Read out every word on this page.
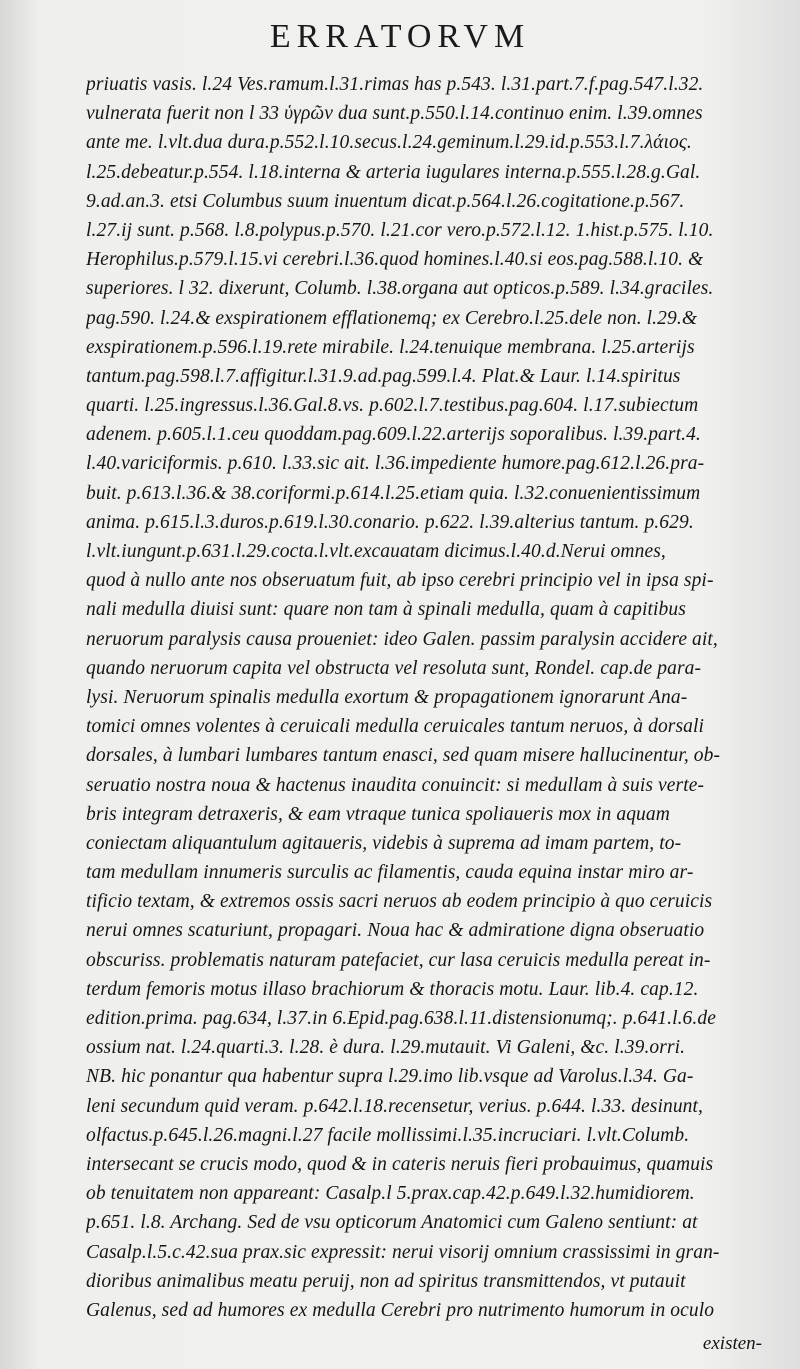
ERRATORVM
priuatis vasis. l.24 Ves.ramum.l.31.rimas has p.543. l.31.part.7.f.pag.547.l.32.
vulnerata fuerit non l 33 ὑγρῶν dua sunt.p.550.l.14.continuo enim. l.39.omnes
ante me. l.vlt.dua dura.p.552.l.10.secus.l.24.geminum.l.29.id.p.553.l.7.λάιος.
l.25.debeatur.p.554. l.18.interna & arteria iugulares interna.p.555.l.28.g.Gal.
9.ad.an.3. etsi Columbus suum inuentum dicat.p.564.l.26.cogitatione.p.567.
l.27.ij sunt. p.568. l.8.polypus.p.570. l.21.cor vero.p.572.l.12. 1.hist.p.575. l.10.
Herophilus.p.579.l.15.vi cerebri.l.36.quod homines.l.40.si eos.pag.588.l.10. &
superiores. l 32. dixerunt, Columb. l.38.organa aut opticos.p.589. l.34.graciles.
pag.590. l.24.& exspirationem efflationemq; ex Cerebro.l.25.dele non. l.29.&
exspirationem.p.596.l.19.rete mirabile. l.24.tenuique membrana. l.25.arterijs
tantum.pag.598.l.7.affigitur.l.31.9.ad.pag.599.l.4. Plat.& Laur. l.14.spiritus
quarti. l.25.ingressus.l.36.Gal.8.vs. p.602.l.7.testibus.pag.604. l.17.subiectum
adenem. p.605.l.1.ceu quoddam.pag.609.l.22.arterijs soporalibus. l.39.part.4.
l.40.variciformis. p.610. l.33.sic ait. l.36.impediente humore.pag.612.l.26.pra-
buit. p.613.l.36.& 38.coriformi.p.614.l.25.etiam quia. l.32.conuenientissimum
anima. p.615.l.3.duros.p.619.l.30.conario. p.622. l.39.alterius tantum. p.629.
l.vlt.iungunt.p.631.l.29.cocta.l.vlt.excauatam dicimus.l.40.d.Nerui omnes,
quod à nullo ante nos obseruatum fuit, ab ipso cerebri principio vel in ipsa spi-
nali medulla diuisi sunt: quare non tam à spinali medulla, quam à capitibus
neruorum paralysis causa proueniet: ideo Galen. passim paralysin accidere ait,
quando neruorum capita vel obstructa vel resoluta sunt, Rondel. cap.de para-
lysi. Neruorum spinalis medulla exortum & propagationem ignorarunt Ana-
tomici omnes volentes à ceruicali medulla ceruicales tantum neruos, à dorsali
dorsales, à lumbari lumbares tantum enasci, sed quam misere hallucinentur, ob-
seruatio nostra noua & hactenus inaudita conuincit: si medullam à suis verte-
bris integram detraxeris, & eam vtraque tunica spoliaueris mox in aquam
coniectam aliquantulum agitaueris, videbis à suprema ad imam partem, to-
tam medullam innumeris surculis ac filamentis, cauda equina instar miro ar-
tificio textam, & extremos ossis sacri neruos ab eodem principio à quo ceruicis
nerui omnes scaturiunt, propagari. Noua hac & admiratione digna obseruatio
obscuriss. problematis naturam patefaciet, cur lasa ceruicis medulla pereat in-
terdum femoris motus illaso brachiorum & thoracis motu. Laur. lib.4. cap.12.
edition.prima. pag.634, l.37.in 6.Epid.pag.638.l.11.distensionumq;. p.641.l.6.de
ossium nat. l.24.quarti.3. l.28. è dura. l.29.mutauit. Vi Galeni, &c. l.39.orri.
NB. hic ponantur qua habentur supra l.29.imo lib.vsque ad Varolus.l.34. Ga-
leni secundum quid veram. p.642.l.18.recensetur, verius. p.644. l.33. desinunt,
olfactus.p.645.l.26.magni.l.27 facile mollissimi.l.35.incruciari. l.vlt.Columb.
intersecant se crucis modo, quod & in cateris neruis fieri probauimus, quamuis
ob tenuitatem non appareant: Casalp.l 5.prax.cap.42.p.649.l.32.humidiorem.
p.651. l.8. Archang. Sed de vsu opticorum Anatomici cum Galeno sentiunt: at
Casalp.l.5.c.42.sua prax.sic expressit: nerui visorij omnium crassissimi in gran-
dioribus animalibus meatu peruij, non ad spiritus transmittendos, vt putauit
Galenus, sed ad humores ex medulla Cerebri pro nutrimento humorum in oculo
existen-
